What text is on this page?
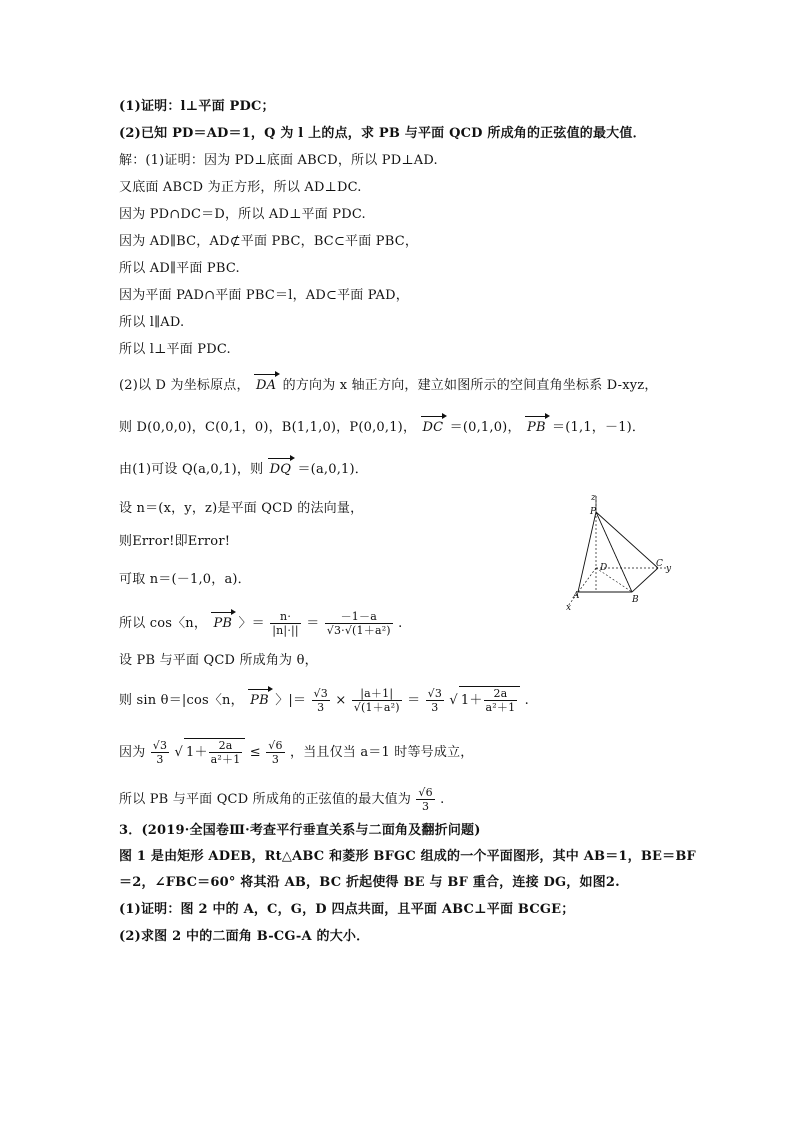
(1)证明：l⊥平面 PDC；
(2)已知 PD＝AD＝1，Q 为 l 上的点，求 PB 与平面 QCD 所成角的正弦值的最大值．
解：(1)证明：因为 PD⊥底面 ABCD，所以 PD⊥AD.
又底面 ABCD 为正方形，所以 AD⊥DC.
因为 PD∩DC＝D，所以 AD⊥平面 PDC.
因为 AD∥BC，AD⊄平面 PBC，BC⊂平面 PBC，
所以 AD∥平面 PBC.
因为平面 PAD∩平面 PBC＝l，AD⊂平面 PAD，
所以 l∥AD.
所以 l⊥平面 PDC.
(2)以 D 为坐标原点， DA 的方向为 x 轴正方向，建立如图所示的空间直角坐标系 D-xyz，
则 D(0,0,0)，C(0,1，0)，B(1,1,0)，P(0,0,1)， DC ＝(0,1,0)， PB ＝(1,1，－1)．
由(1)可设 Q(a,0,1)，则 DQ ＝(a,0,1)．
设 n＝(x，y，z)是平面 QCD 的法向量，
则Error!即Error!
可取 n＝(－1,0，a)．
所以 cos〈n， PB 〉＝ $\frac{n\cdot}{|n|\cdot||} = \frac{-1-a}{\text{√3·√(1＋a²)}}$ .
设 PB 与平面 QCD 所成角为 θ，
则 sin θ＝|cos〈n， PB 〉|＝ $\frac{√3}{3} \times \frac{|a+1|}{\text{√(1＋a²)}} = \frac{√3}{3}$ √ $1+ \frac{2a}{\text{a²＋1}}$ .
因为 $\frac{√3}{3}$ √ $1+ \frac{2a}{\text{a²＋1}} \le \frac{√6}{3}$ ，当且仅当 a＝1 时等号成立，
所以 PB 与平面 QCD 所成角的正弦值的最大值为 $\frac{√6}{3}$ .
3．(2019·全国卷Ⅲ·考查平行垂直关系与二面角及翻折问题)
图 1 是由矩形 ADEB，Rt△ABC 和菱形 BFGC 组成的一个平面图形，其中 AB＝1，BE＝BF
＝2，∠FBC＝60° 将其沿 AB，BC 折起使得 BE 与 BF 重合，连接 DG，如图2.
(1)证明：图 2 中的 A，C，G，D 四点共面，且平面 ABC⊥平面 BCGE；
(2)求图 2 中的二面角 B-CG-A 的大小．
z
P
D	C y
A	B
x
